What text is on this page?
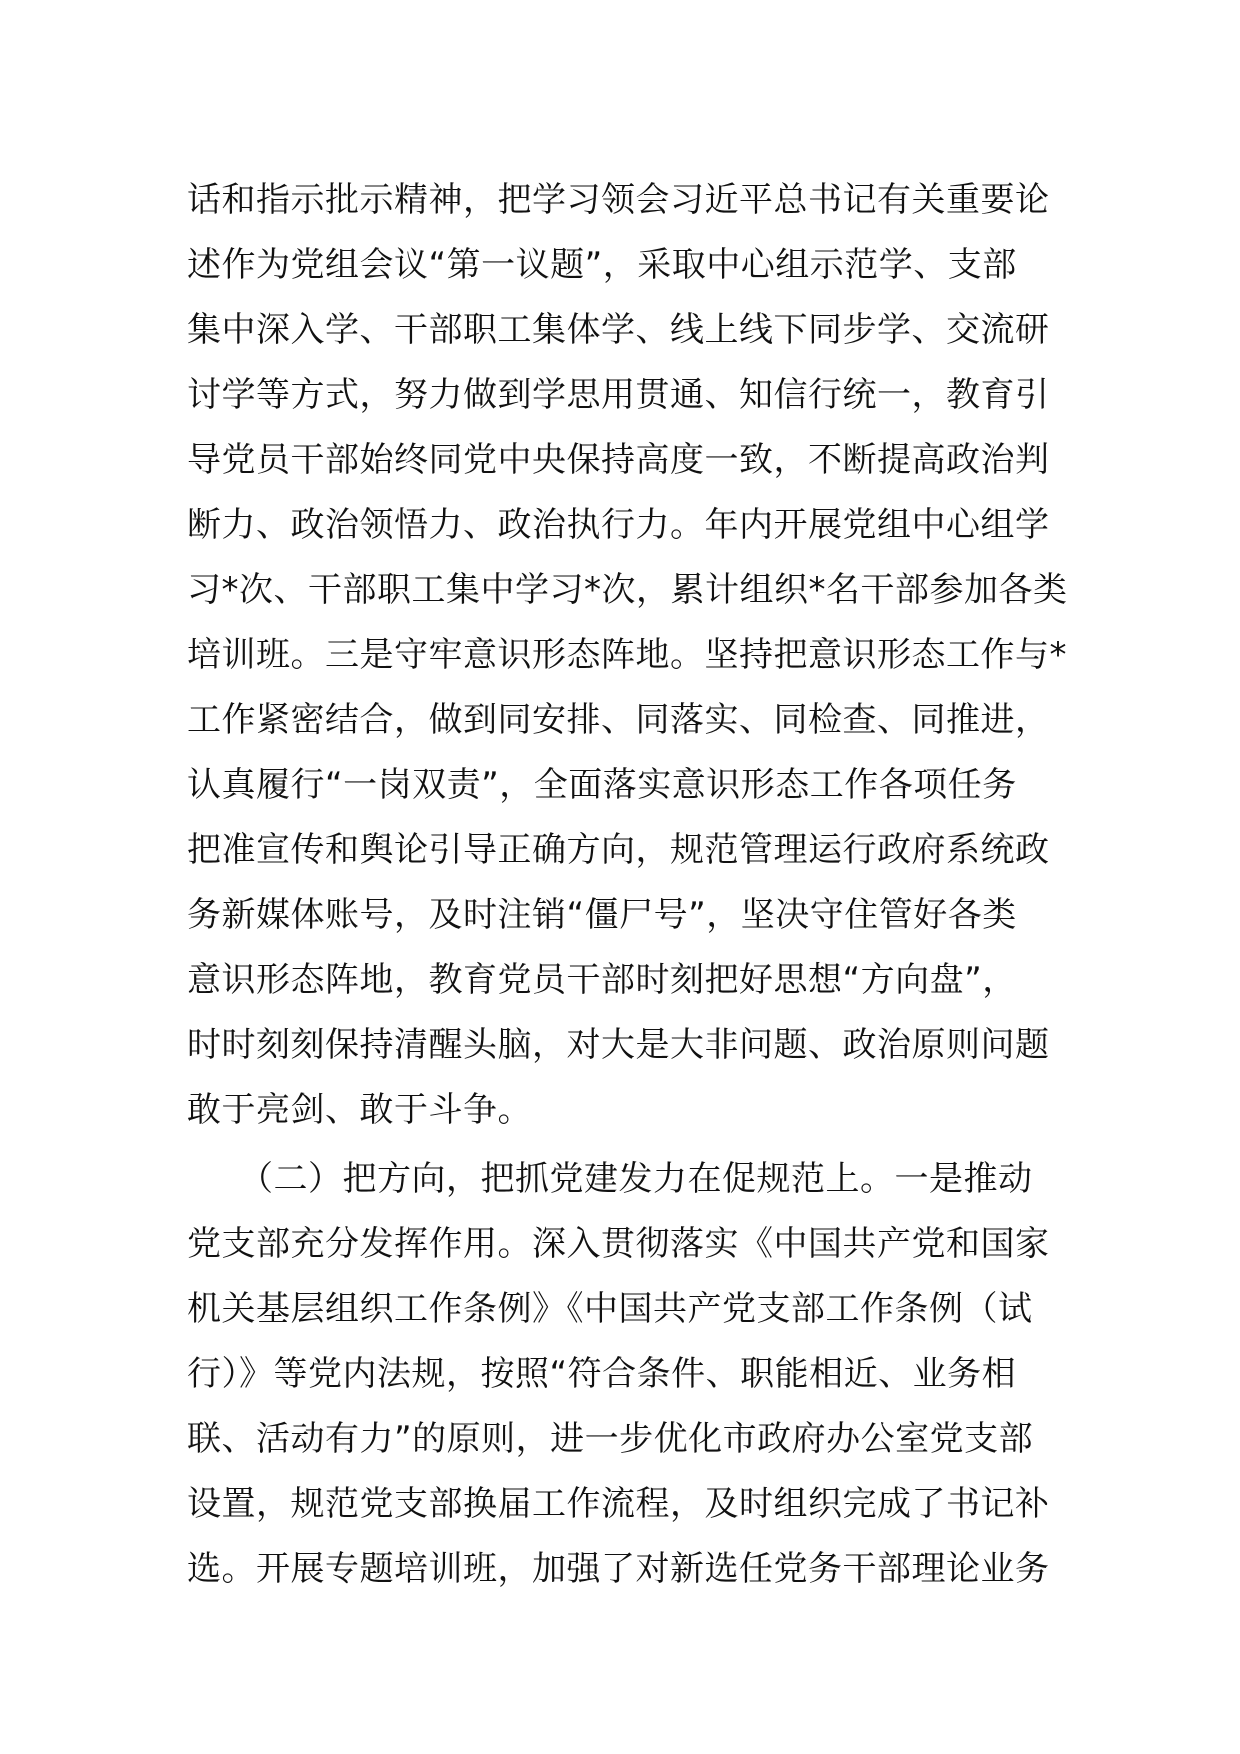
话和指示批示精神，把学习领会习近平总书记有关重要论
述作为党组会议“第一议题”，采取中心组示范学、支部
集中深入学、干部职工集体学、线上线下同步学、交流研
讨学等方式，努力做到学思用贯通、知信行统一，教育引
导党员干部始终同党中央保持高度一致，不断提高政治判
断力、政治领悟力、政治执行力。年内开展党组中心组学
习*次、干部职工集中学习*次，累计组织*名干部参加各类
培训班。三是守牢意识形态阵地。坚持把意识形态工作与*
工作紧密结合，做到同安排、同落实、同检查、同推进，
认真履行“一岗双责”，全面落实意识形态工作各项任务
把准宣传和舆论引导正确方向，规范管理运行政府系统政
务新媒体账号，及时注销“僵尸号”，坚决守住管好各类
意识形态阵地，教育党员干部时刻把好思想“方向盘”，
时时刻刻保持清醒头脑，对大是大非问题、政治原则问题
敢于亮剑、敢于斗争。
　　（二）把方向，把抓党建发力在促规范上。一是推动
党支部充分发挥作用。深入贯彻落实《中国共产党和国家
机关基层组织工作条例》《中国共产党支部工作条例（试
行）》等党内法规，按照“符合条件、职能相近、业务相
联、活动有力”的原则，进一步优化市政府办公室党支部
设置，规范党支部换届工作流程，及时组织完成了书记补
选。开展专题培训班，加强了对新选任党务干部理论业务
